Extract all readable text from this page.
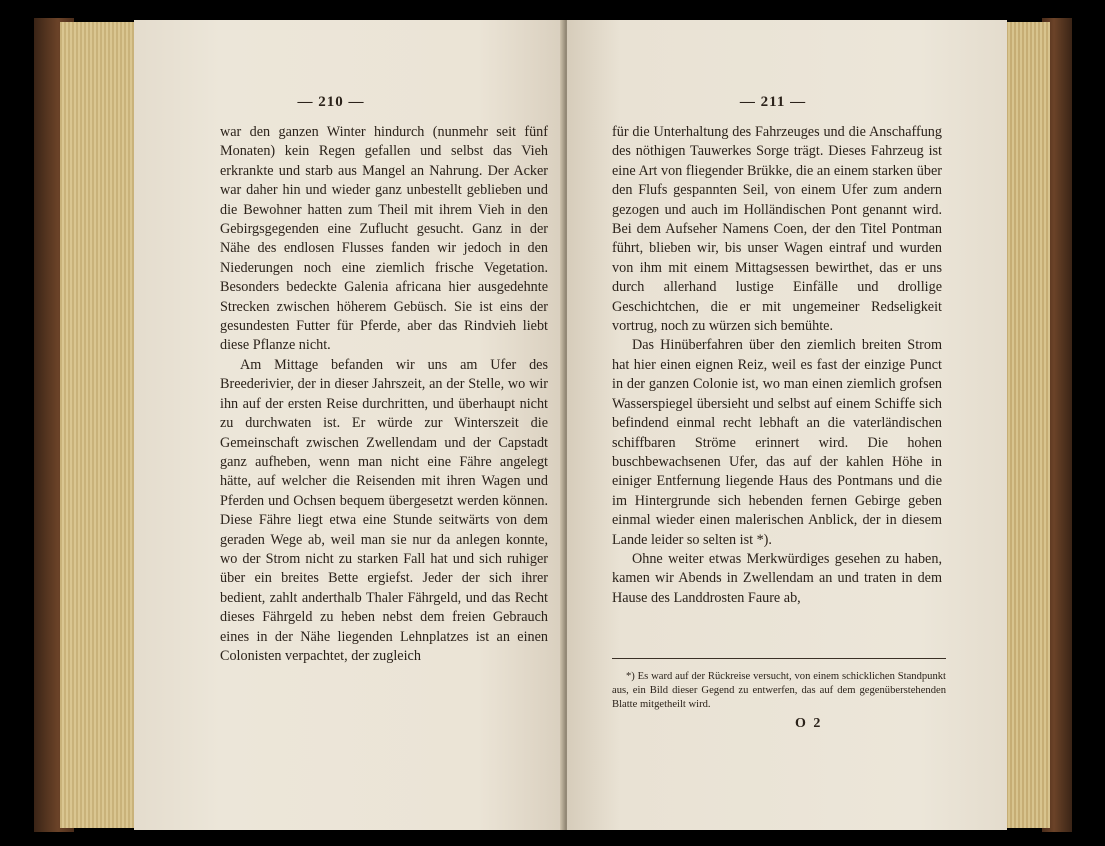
— 210 —

war den ganzen Winter hindurch (nunmehr seit fünf Monaten) kein Regen gefallen und selbst das Vieh erkrankte und starb aus Mangel an Nahrung. Der Acker war daher hin und wieder ganz unbestellt geblieben und die Bewohner hatten zum Theil mit ihrem Vieh in den Gebirgsgegenden eine Zuflucht gesucht. Ganz in der Nähe des endlosen Flusses fanden wir jedoch in den Niederungen noch eine ziemlich frische Vegetation. Besonders bedeckte Galenia africana hier ausgedehnte Strecken zwischen höherem Gebüsch. Sie ist eins der gesundesten Futter für Pferde, aber das Rindvieh liebt diese Pflanze nicht.

Am Mittage befanden wir uns am Ufer des Breederivier, der in dieser Jahrszeit, an der Stelle, wo wir ihn auf der ersten Reise durchritten, und überhaupt nicht zu durchwaten ist. Er würde zur Winterszeit die Gemeinschaft zwischen Zwellendam und der Capstadt ganz aufheben, wenn man nicht eine Fähre angelegt hätte, auf welcher die Reisenden mit ihren Wagen und Pferden und Ochsen bequem übergesetzt werden können. Diese Fähre liegt etwa eine Stunde seitwärts von dem geraden Wege ab, weil man sie nur da anlegen konnte, wo der Strom nicht zu starken Fall hat und sich ruhiger über ein breites Bette ergiefst. Jeder der sich ihrer bedient, zahlt anderthalb Thaler Fährgeld, und das Recht dieses Fährgeld zu heben nebst dem freien Gebrauch eines in der Nähe liegenden Lehnplatzes ist an einen Colonisten verpachtet, der zugleich

— 211 —

für die Unterhaltung des Fahrzeuges und die Anschaffung des nöthigen Tauwerkes Sorge trägt. Dieses Fahrzeug ist eine Art von fliegender Brükke, die an einem starken über den Flufs gespannten Seil, von einem Ufer zum andern gezogen und auch im Holländischen Pont genannt wird. Bei dem Aufseher Namens Coen, der den Titel Pontman führt, blieben wir, bis unser Wagen eintraf und wurden von ihm mit einem Mittagsessen bewirthet, das er uns durch allerhand lustige Einfälle und drollige Geschichtchen, die er mit ungemeiner Redseligkeit vortrug, noch zu würzen sich bemühte.

Das Hinüberfahren über den ziemlich breiten Strom hat hier einen eignen Reiz, weil es fast der einzige Punct in der ganzen Colonie ist, wo man einen ziemlich grofsen Wasserspiegel übersieht und selbst auf einem Schiffe sich befindend einmal recht lebhaft an die vaterländischen schiffbaren Ströme erinnert wird. Die hohen buschbewachsenen Ufer, das auf der kahlen Höhe in einiger Entfernung liegende Haus des Pontmans und die im Hintergrunde sich hebenden fernen Gebirge geben einmal wieder einen malerischen Anblick, der in diesem Lande leider so selten ist *).

Ohne weiter etwas Merkwürdiges gesehen zu haben, kamen wir Abends in Zwellendam an und traten in dem Hause des Landdrosten Faure ab,

*) Es ward auf der Rückreise versucht, von einem schicklichen Standpunkt aus, ein Bild dieser Gegend zu entwerfen, das auf dem gegenüberstehenden Blatte mitgetheilt wird.
O 2
